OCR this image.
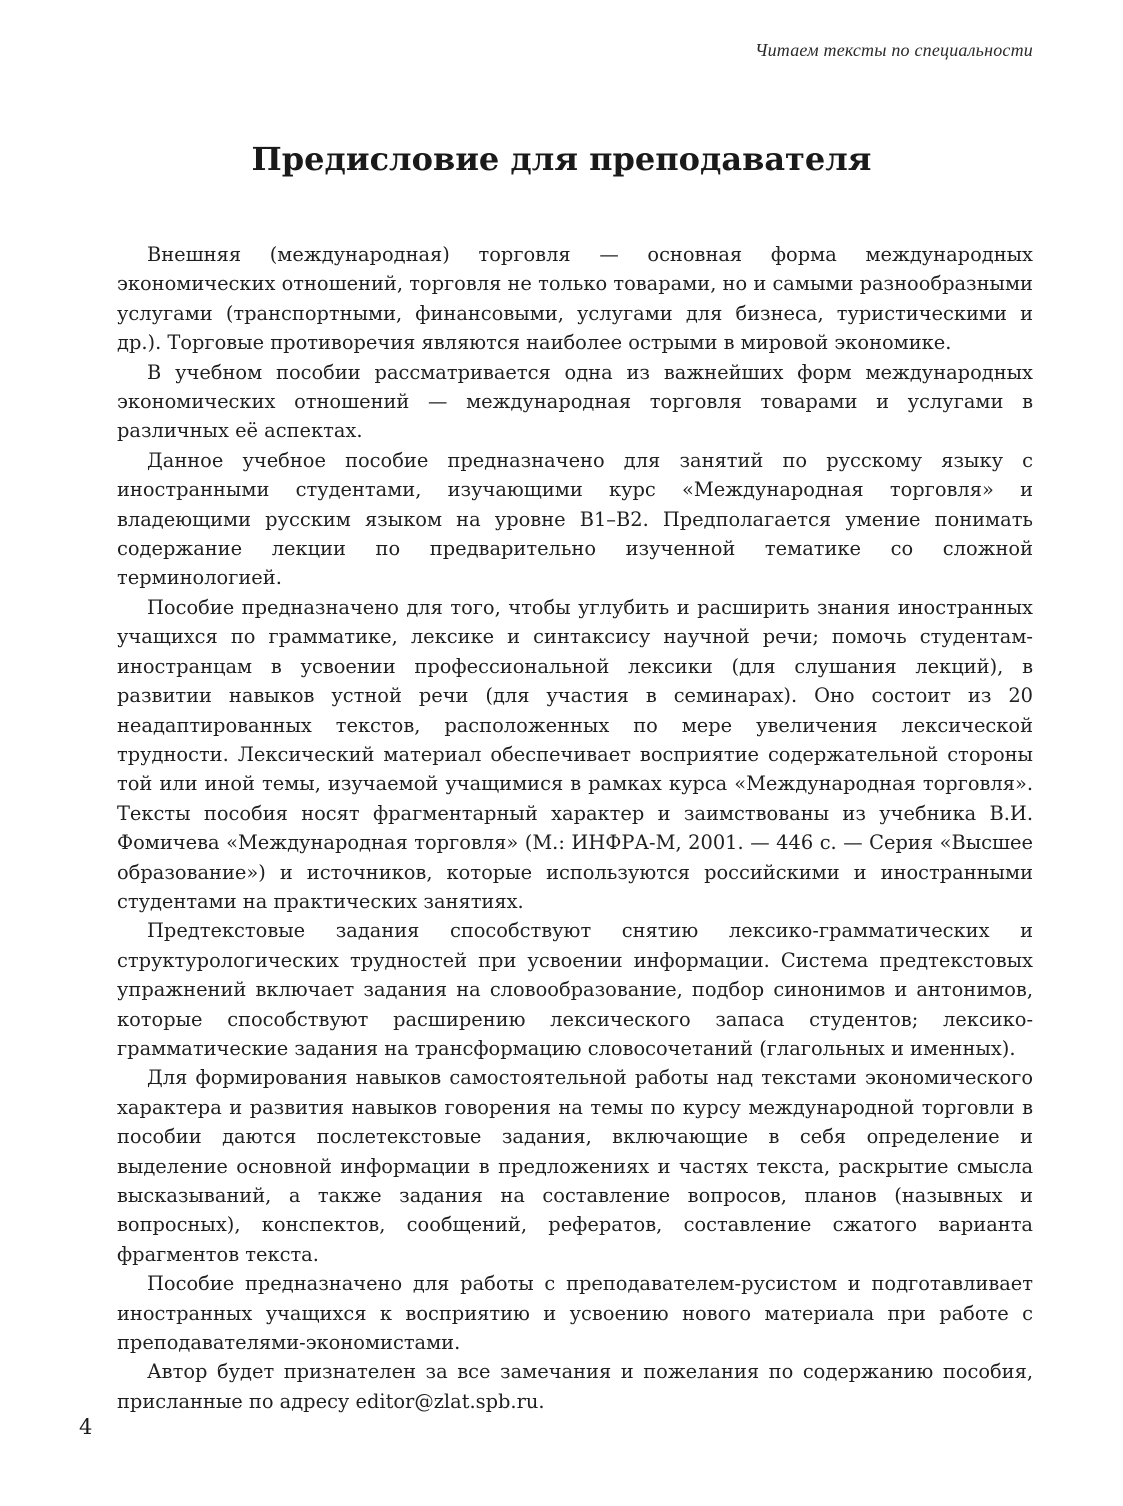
Читаем тексты по специальности
Предисловие для преподавателя

Внешняя (международная) торговля — основная форма международных экономических отношений, торговля не только товарами, но и самыми разнообразными услугами (транспортными, финансовыми, услугами для бизнеса, туристическими и др.). Торговые противоречия являются наиболее острыми в мировой экономике.

В учебном пособии рассматривается одна из важнейших форм международных экономических отношений — международная торговля товарами и услугами в различных её аспектах.

Данное учебное пособие предназначено для занятий по русскому языку с иностранными студентами, изучающими курс «Международная торговля» и владеющими русским языком на уровне В1–В2. Предполагается умение понимать содержание лекции по предварительно изученной тематике со сложной терминологией.

Пособие предназначено для того, чтобы углубить и расширить знания иностранных учащихся по грамматике, лексике и синтаксису научной речи; помочь студентам-иностранцам в усвоении профессиональной лексики (для слушания лекций), в развитии навыков устной речи (для участия в семинарах). Оно состоит из 20 неадаптированных текстов, расположенных по мере увеличения лексической трудности. Лексический материал обеспечивает восприятие содержательной стороны той или иной темы, изучаемой учащимися в рамках курса «Международная торговля». Тексты пособия носят фрагментарный характер и заимствованы из учебника В.И. Фомичева «Международная торговля» (М.: ИНФРА-М, 2001. — 446 с. — Серия «Высшее образование») и источников, которые используются российскими и иностранными студентами на практических занятиях.

Предтекстовые задания способствуют снятию лексико-грамматических и структурологических трудностей при усвоении информации. Система предтекстовых упражнений включает задания на словообразование, подбор синонимов и антонимов, которые способствуют расширению лексического запаса студентов; лексико-грамматические задания на трансформацию словосочетаний (глагольных и именных).

Для формирования навыков самостоятельной работы над текстами экономического характера и развития навыков говорения на темы по курсу международной торговли в пособии даются послетекстовые задания, включающие в себя определение и выделение основной информации в предложениях и частях текста, раскрытие смысла высказываний, а также задания на составление вопросов, планов (назывных и вопросных), конспектов, сообщений, рефератов, составление сжатого варианта фрагментов текста.

Пособие предназначено для работы с преподавателем-русистом и подготавливает иностранных учащихся к восприятию и усвоению нового материала при работе с преподавателями-экономистами.

Автор будет признателен за все замечания и пожелания по содержанию пособия, присланные по адресу editor@zlat.spb.ru.

4
